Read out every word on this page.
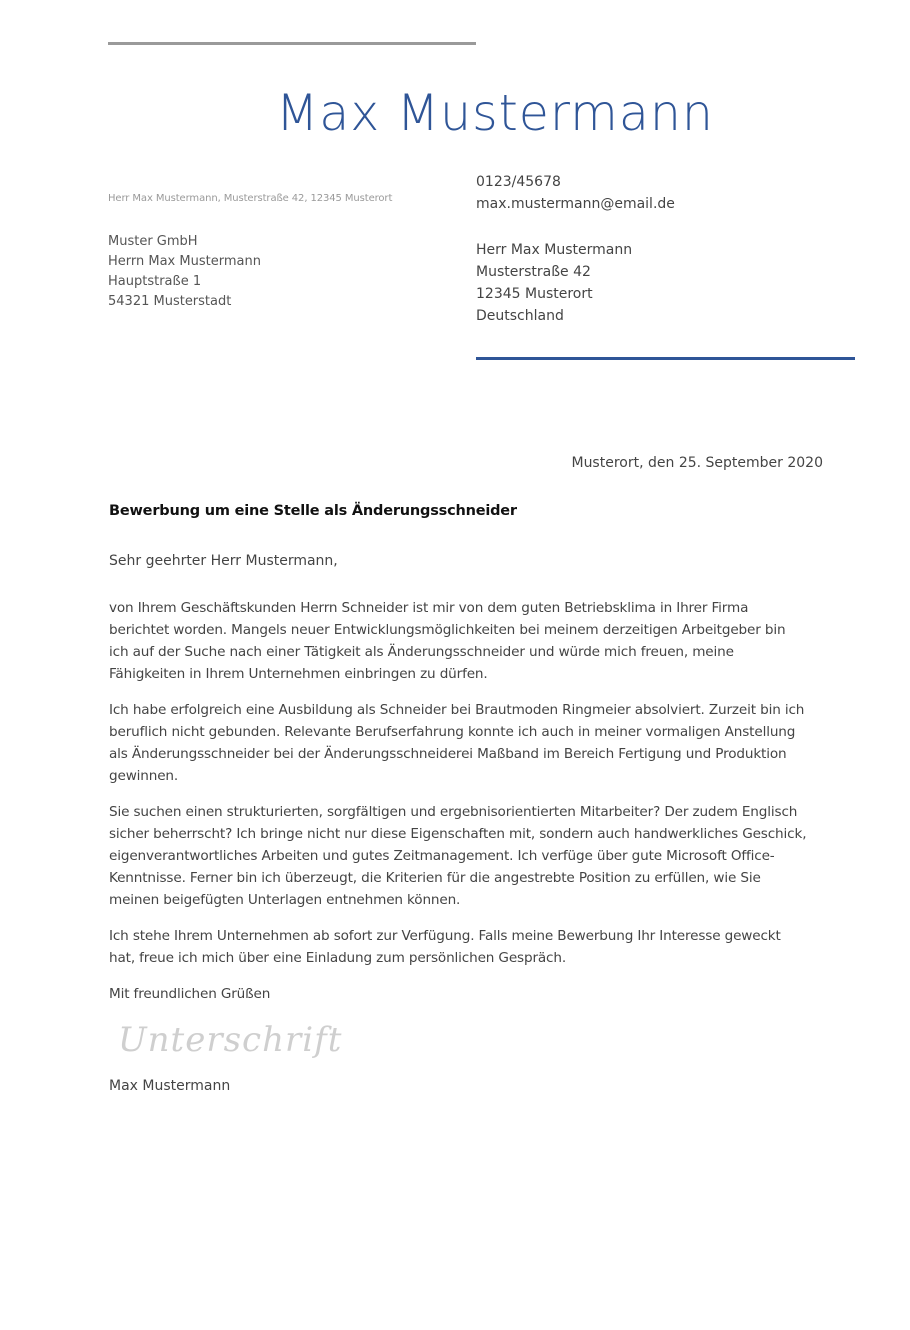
Max Mustermann
Herr Max Mustermann, Musterstraße 42, 12345 Musterort
Muster GmbH
Herrn Max Mustermann
Hauptstraße 1
54321 Musterstadt
0123/45678
max.mustermann@email.de
Herr Max Mustermann
Musterstraße 42
12345 Musterort
Deutschland
Musterort, den 25. September 2020
Bewerbung um eine Stelle als Änderungsschneider
Sehr geehrter Herr Mustermann,

von Ihrem Geschäftskunden Herrn Schneider ist mir von dem guten Betriebsklima in Ihrer Firma berichtet worden. Mangels neuer Entwicklungsmöglichkeiten bei meinem derzeitigen Arbeitgeber bin ich auf der Suche nach einer Tätigkeit als Änderungsschneider und würde mich freuen, meine Fähigkeiten in Ihrem Unternehmen einbringen zu dürfen.

Ich habe erfolgreich eine Ausbildung als Schneider bei Brautmoden Ringmeier absolviert. Zurzeit bin ich beruflich nicht gebunden. Relevante Berufserfahrung konnte ich auch in meiner vormaligen Anstellung als Änderungsschneider bei der Änderungsschneiderei Maßband im Bereich Fertigung und Produktion gewinnen.

Sie suchen einen strukturierten, sorgfältigen und ergebnisorientierten Mitarbeiter? Der zudem Englisch sicher beherrscht? Ich bringe nicht nur diese Eigenschaften mit, sondern auch handwerkliches Geschick, eigenverantwortliches Arbeiten und gutes Zeitmanagement. Ich verfüge über gute Microsoft Office-Kenntnisse. Ferner bin ich überzeugt, die Kriterien für die angestrebte Position zu erfüllen, wie Sie meinen beigefügten Unterlagen entnehmen können.

Ich stehe Ihrem Unternehmen ab sofort zur Verfügung. Falls meine Bewerbung Ihr Interesse geweckt hat, freue ich mich über eine Einladung zum persönlichen Gespräch.

Mit freundlichen Grüßen

Unterschrift
Max Mustermann
